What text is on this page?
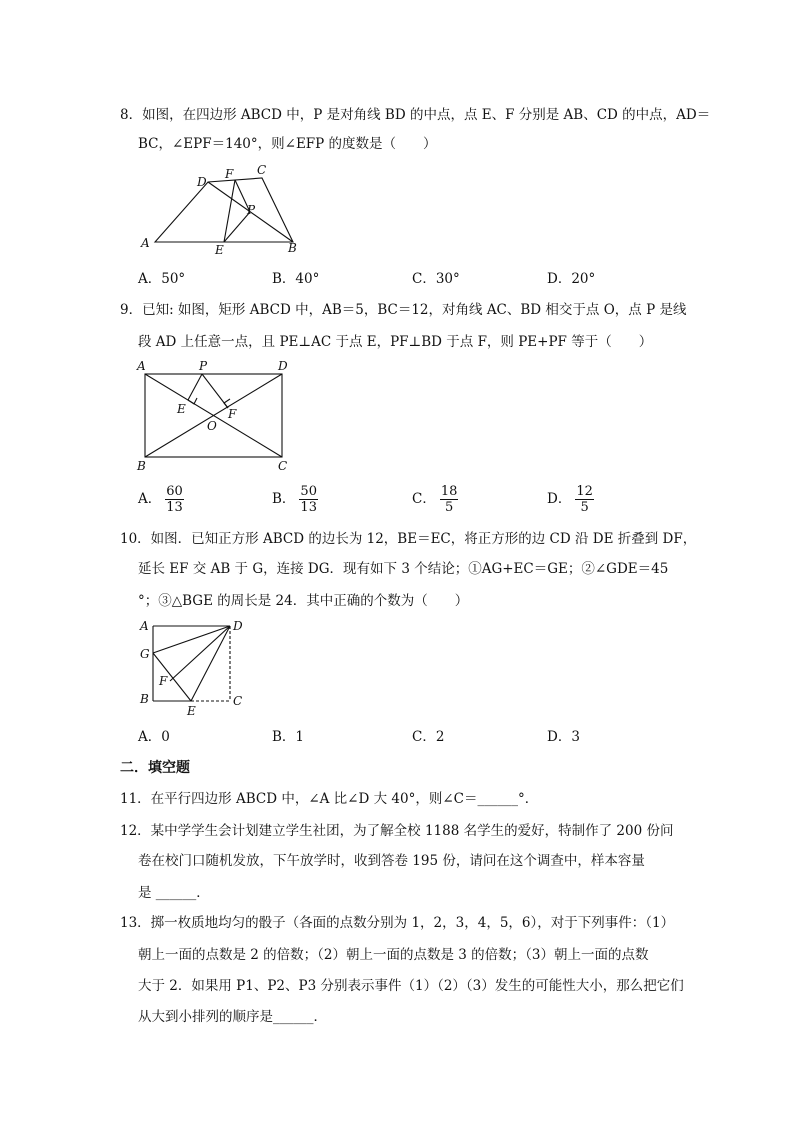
8．如图，在四边形 ABCD 中，P 是对角线 BD 的中点，点 E、F 分别是 AB、CD 的中点，AD＝
BC，∠EPF＝140°，则∠EFP 的度数是（　　）
A	B
C
D
F
P
E
A．50°	B．40°	C．30°	D．20°
9．已知: 如图，矩形 ABCD 中，AB＝5，BC＝12，对角线 AC、BD 相交于点 O，点 P 是线
段 AD 上任意一点，且 PE⊥AC 于点 E，PF⊥BD 于点 F，则 PE+PF 等于（　　）
A	P	D
E	F
O
B	C
A． $\frac{60}{13}$	B． $\frac{50}{13}$	C． $\frac{18}{5}$	D． $\frac{12}{5}$
10．如图．已知正方形 ABCD 的边长为 12，BE＝EC，将正方形的边 CD 沿 DE 折叠到 DF，
延长 EF 交 AB 于 G，连接 DG．现有如下 3 个结论；①AG+EC＝GE；②∠GDE＝45
°；③△BGE 的周长是 24．其中正确的个数为（　　）
A	D
G
F
B	C
E
A．0	B．1	C．2	D．3
二．填空题
11．在平行四边形 ABCD 中，∠A 比∠D 大 40°，则∠C＝______°．
12．某中学学生会计划建立学生社团，为了解全校 1188 名学生的爱好，特制作了 200 份问
卷在校门口随机发放，下午放学时，收到答卷 195 份，请问在这个调查中，样本容量
是 ______．
13．掷一枚质地均匀的骰子（各面的点数分别为 1，2，3，4，5，6），对于下列事件：（1）
朝上一面的点数是 2 的倍数；（2）朝上一面的点数是 3 的倍数；（3）朝上一面的点数
大于 2．如果用 P1、P2、P3 分别表示事件（1）（2）（3）发生的可能性大小，那么把它们
从大到小排列的顺序是______．
